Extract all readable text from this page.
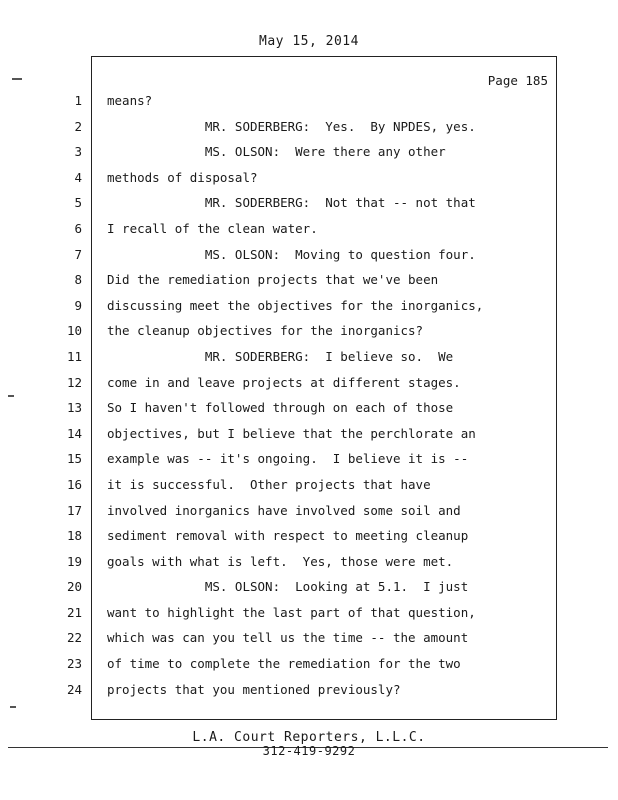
May 15, 2014
Page 185
1
2
3
4
5
6
7
8
9
10
11
12
13
14
15
16
17
18
19
20
21
22
23
24
means?
MR. SODERBERG:  Yes.  By NPDES, yes.
MS. OLSON:  Were there any other
methods of disposal?
MR. SODERBERG:  Not that -- not that
I recall of the clean water.
MS. OLSON:  Moving to question four.
Did the remediation projects that we've been
discussing meet the objectives for the inorganics,
the cleanup objectives for the inorganics?
MR. SODERBERG:  I believe so.  We
come in and leave projects at different stages.
So I haven't followed through on each of those
objectives, but I believe that the perchlorate an
example was -- it's ongoing.  I believe it is --
it is successful.  Other projects that have
involved inorganics have involved some soil and
sediment removal with respect to meeting cleanup
goals with what is left.  Yes, those were met.
MS. OLSON:  Looking at 5.1.  I just
want to highlight the last part of that question,
which was can you tell us the time -- the amount
of time to complete the remediation for the two
projects that you mentioned previously?
L.A. Court Reporters, L.L.C.
312-419-9292
